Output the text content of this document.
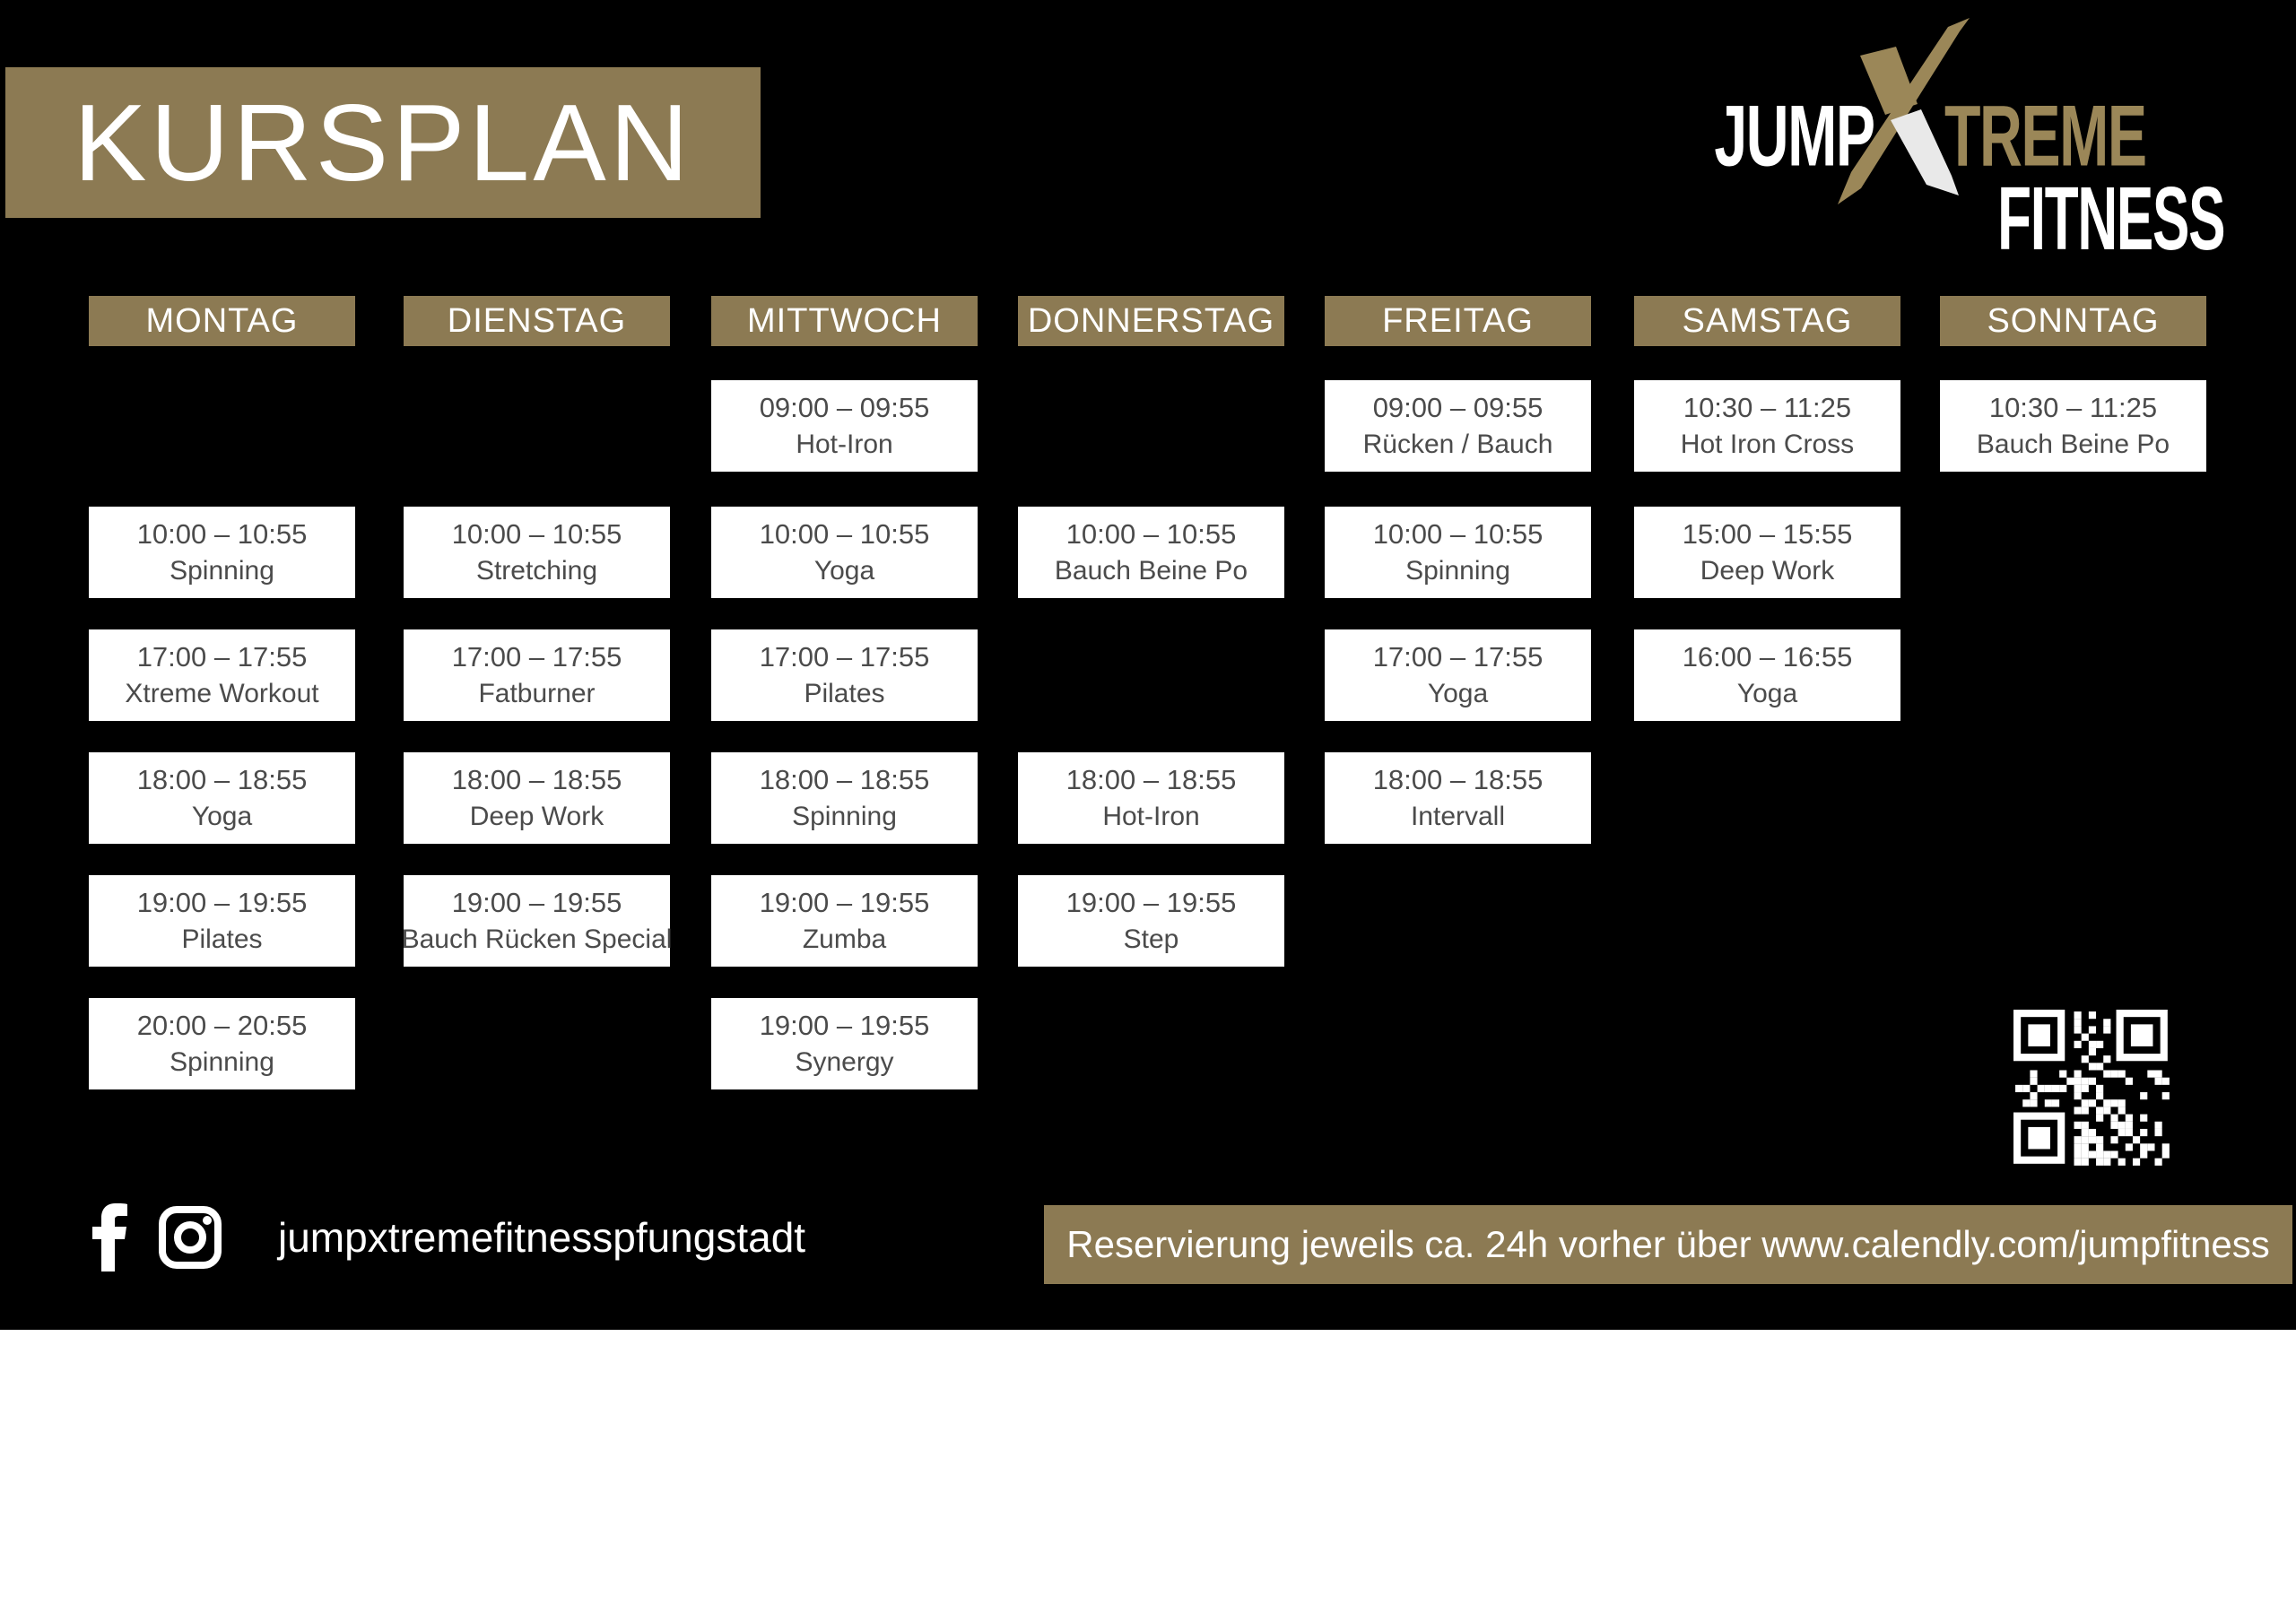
KURSPLAN	JUMP TREME
FITNESS
MONTAG
10:00 – 10:55
Spinning
17:00 – 17:55
Xtreme Workout
18:00 – 18:55
Yoga
19:00 – 19:55
Pilates
20:00 – 20:55
Spinning
DIENSTAG
10:00 – 10:55
Stretching
17:00 – 17:55
Fatburner
18:00 – 18:55
Deep Work
19:00 – 19:55
Bauch Rücken Special
MITTWOCH
09:00 – 09:55
Hot-Iron
10:00 – 10:55
Yoga
17:00 – 17:55
Pilates
18:00 – 18:55
Spinning
19:00 – 19:55
Zumba
19:00 – 19:55
Synergy
DONNERSTAG
10:00 – 10:55
Bauch Beine Po
18:00 – 18:55
Hot-Iron
19:00 – 19:55
Step
FREITAG
09:00 – 09:55
Rücken / Bauch
10:00 – 10:55
Spinning
17:00 – 17:55
Yoga
18:00 – 18:55
Intervall
SAMSTAG
10:30 – 11:25
Hot Iron Cross
15:00 – 15:55
Deep Work
16:00 – 16:55
Yoga
SONNTAG
10:30 – 11:25
Bauch Beine Po
jumpxtremefitnesspfungstadt	Reservierung jeweils ca. 24h vorher über www.calendly.com/jumpfitness
